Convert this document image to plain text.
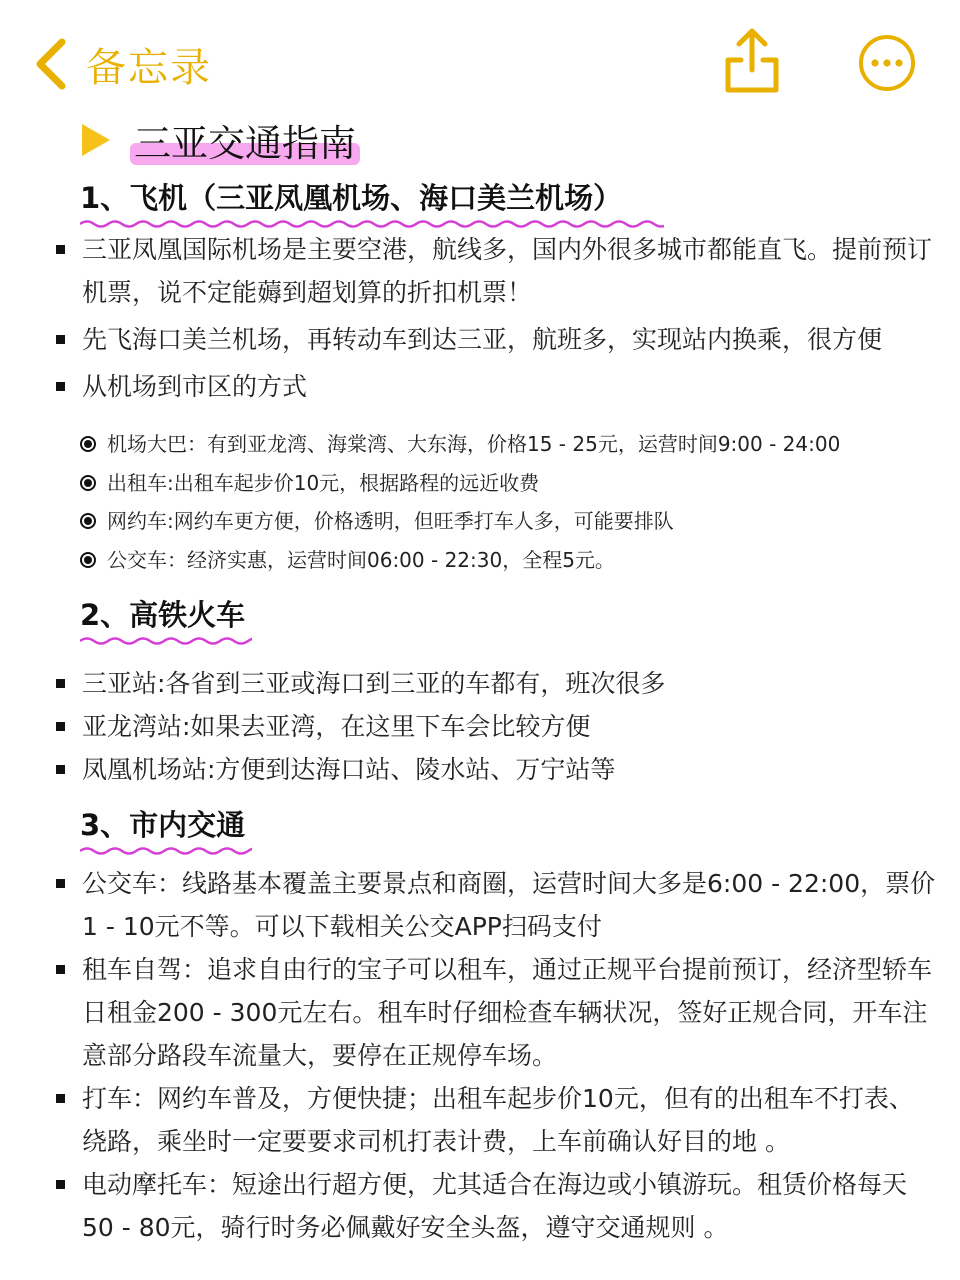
备忘录
三亚交通指南
1、飞机（三亚凤凰机场、海口美兰机场）
三亚凤凰国际机场是主要空港，航线多，国内外很多城市都能直飞。提前预订机票，说不定能薅到超划算的折扣机票！
先飞海口美兰机场，再转动车到达三亚，航班多，实现站内换乘，很方便
从机场到市区的方式
机场大巴：有到亚龙湾、海棠湾、大东海，价格15 - 25元，运营时间9:00 - 24:00
出租车:出租车起步价10元，根据路程的远近收费
网约车:网约车更方便，价格透明，但旺季打车人多，可能要排队
公交车：经济实惠，运营时间06:00 - 22:30，全程5元。
2、高铁火车
三亚站:各省到三亚或海口到三亚的车都有，班次很多
亚龙湾站:如果去亚湾，在这里下车会比较方便
凤凰机场站:方便到达海口站、陵水站、万宁站等
3、市内交通
公交车：线路基本覆盖主要景点和商圈，运营时间大多是6:00 - 22:00，票价1 - 10元不等。可以下载相关公交APP扫码支付
租车自驾：追求自由行的宝子可以租车，通过正规平台提前预订，经济型轿车日租金200 - 300元左右。租车时仔细检查车辆状况，签好正规合同，开车注意部分路段车流量大，要停在正规停车场。
打车：网约车普及，方便快捷；出租车起步价10元，但有的出租车不打表、绕路，乘坐时一定要要求司机打表计费，上车前确认好目的地 。
电动摩托车：短途出行超方便，尤其适合在海边或小镇游玩。租赁价格每天50 - 80元，骑行时务必佩戴好安全头盔，遵守交通规则 。
